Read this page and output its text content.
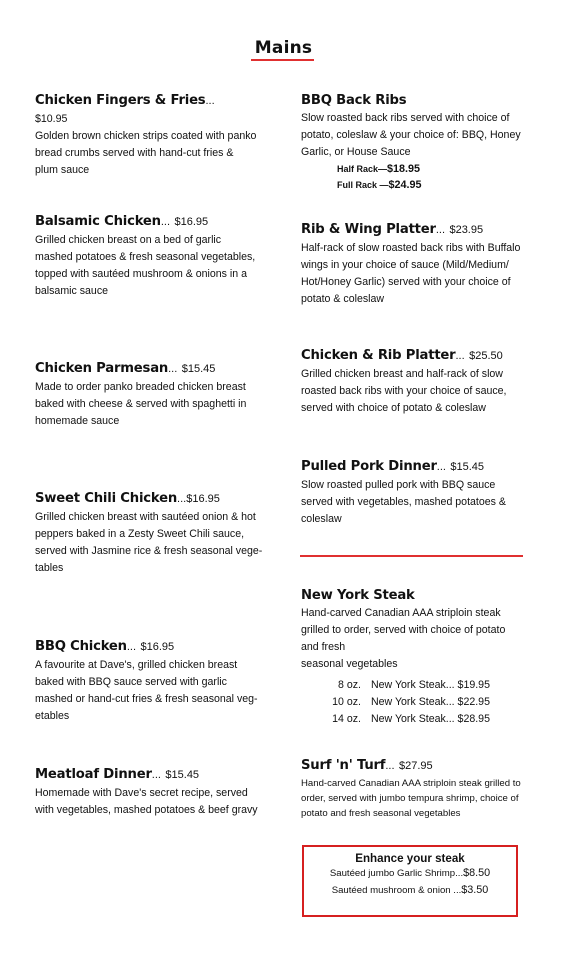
Mains
Chicken Fingers & Fries...
$10.95
Golden brown chicken strips coated with panko
bread crumbs served with hand-cut fries &
plum sauce
Balsamic Chicken... $16.95
Grilled chicken breast on a bed of garlic
mashed potatoes & fresh seasonal vegetables,
topped with sautéed mushroom & onions in a
balsamic sauce
Chicken Parmesan... $15.45
Made to order panko breaded chicken breast
baked with cheese & served with spaghetti in
homemade sauce
Sweet Chili Chicken...$16.95
Grilled chicken breast with sautéed onion & hot
peppers baked in a Zesty Sweet Chili sauce,
served with Jasmine rice & fresh seasonal vege-
tables
BBQ Chicken... $16.95
A favourite at Dave's, grilled chicken breast
baked with BBQ sauce served with garlic
mashed or hand-cut fries & fresh seasonal veg-
etables
Meatloaf Dinner... $15.45
Homemade with Dave's secret recipe, served
with vegetables, mashed potatoes & beef gravy
BBQ Back Ribs
Slow roasted back ribs served with choice of
potato, coleslaw & your choice of: BBQ, Honey
Garlic, or House Sauce
Half Rack—$18.95
Full Rack —$24.95
Rib & Wing Platter... $23.95
Half-rack of slow roasted back ribs with Buffalo
wings in your choice of sauce (Mild/Medium/
Hot/Honey Garlic) served with your choice of
potato & coleslaw
Chicken & Rib Platter... $25.50
Grilled chicken breast and half-rack of slow
roasted back ribs with your choice of sauce,
served with choice of potato & coleslaw
Pulled Pork Dinner... $15.45
Slow roasted pulled pork with BBQ sauce
served with vegetables, mashed potatoes &
coleslaw
New York Steak
Hand-carved Canadian AAA striploin steak
grilled to order, served with choice of potato
and fresh
seasonal vegetables
8 oz. New York Steak... $19.95
10 oz. New York Steak... $22.95
14 oz. New York Steak... $28.95
Surf 'n' Turf... $27.95
Hand-carved Canadian AAA striploin steak grilled to
order, served with jumbo tempura shrimp, choice of
potato and fresh seasonal vegetables
Enhance your steak
Sautéed jumbo Garlic Shrimp...$8.50
Sautéed mushroom & onion ...$3.50
